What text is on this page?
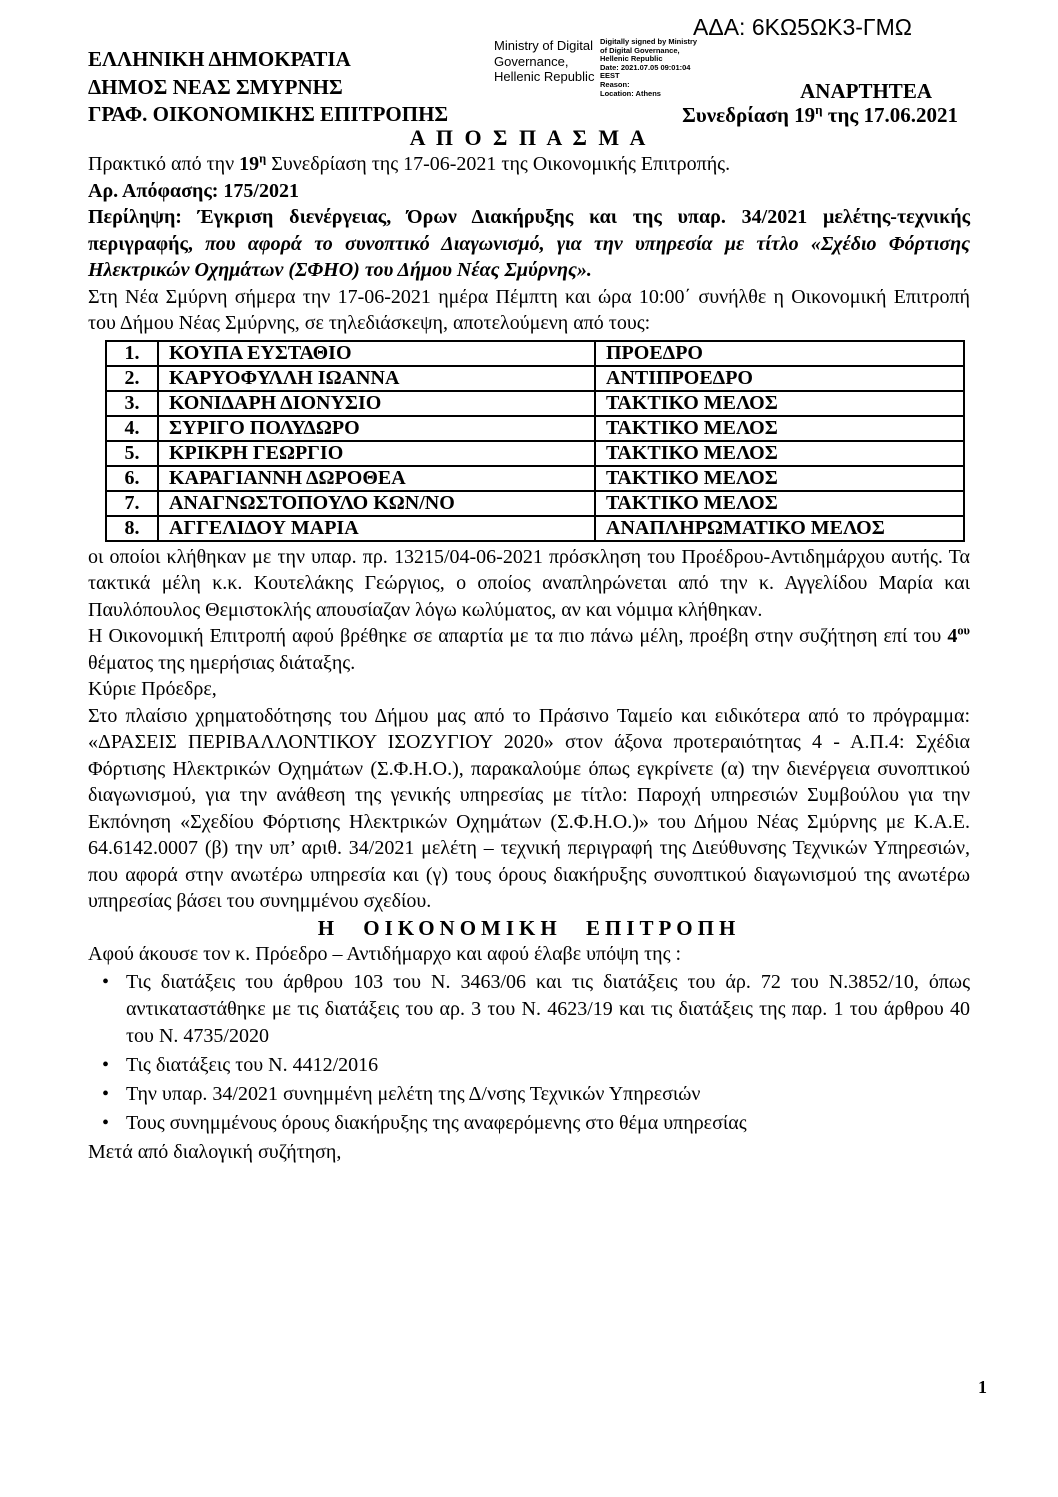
ΕΛΛΗΝΙΚΗ ΔΗΜΟΚΡΑΤΙΑ
ΔΗΜΟΣ ΝΕΑΣ ΣΜΥΡΝΗΣ
ΓΡΑΦ. ΟΙΚΟΝΟΜΙΚΗΣ ΕΠΙΤΡΟΠΗΣ
ΑΔΑ: 6ΚΩ5ΩΚ3-ΓΜΩ
Ministry of Digital
Governance,
Hellenic Republic
Digitally signed by Ministry
of Digital Governance,
Hellenic Republic
Date: 2021.07.05 09:01:04
EEST
Reason:
Location: Athens	ΑΝΑΡΤΗΤΕΑ
Συνεδρίαση $19^\eta$ της 17.06.2021

Α Π Ο Σ Π Α Σ Μ Α

Πρακτικό από την $19^\eta$ Συνεδρίαση της 17-06-2021 της Οικονομικής Επιτροπής.

Αρ. Απόφασης: 175/2021

Περίληψη: Έγκριση διενέργειας, Όρων Διακήρυξης και της υπαρ. 34/2021 μελέτης-τεχνικής περιγραφής, που αφορά το συνοπτικό Διαγωνισμό, για την υπηρεσία με τίτλο «Σχέδιο Φόρτισης Ηλεκτρικών Οχημάτων (ΣΦΗΟ) του Δήμου Νέας Σμύρνης».

Στη Νέα Σμύρνη σήμερα την 17-06-2021 ημέρα Πέμπτη και ώρα 10:00΄ συνήλθε η Οικονομική Επιτροπή του Δήμου Νέας Σμύρνης, σε τηλεδιάσκεψη, αποτελούμενη από τους:

1.	ΚΟΥΠΑ ΕΥΣΤΑΘΙΟ	ΠΡΟΕΔΡΟ
2.	ΚΑΡΥΟΦΥΛΛΗ ΙΩΑΝΝΑ	ΑΝΤΙΠΡΟΕΔΡΟ
3.	ΚΟΝΙΔΑΡΗ ΔΙΟΝΥΣΙΟ	ΤΑΚΤΙΚΟ ΜΕΛΟΣ
4.	ΣΥΡΙΓΟ ΠΟΛΥΔΩΡΟ	ΤΑΚΤΙΚΟ ΜΕΛΟΣ
5.	ΚΡΙΚΡΗ ΓΕΩΡΓΙΟ	ΤΑΚΤΙΚΟ ΜΕΛΟΣ
6.	ΚΑΡΑΓΙΑΝΝΗ ΔΩΡΟΘΕΑ	ΤΑΚΤΙΚΟ ΜΕΛΟΣ
7.	ΑΝΑΓΝΩΣΤΟΠΟΥΛΟ ΚΩΝ/ΝΟ	ΤΑΚΤΙΚΟ ΜΕΛΟΣ
8.	ΑΓΓΕΛΙΔΟΥ ΜΑΡΙΑ	ΑΝΑΠΛΗΡΩΜΑΤΙΚΟ ΜΕΛΟΣ

οι οποίοι κλήθηκαν με την υπαρ. πρ. 13215/04-06-2021 πρόσκληση του Προέδρου-Αντιδημάρχου αυτής. Τα τακτικά μέλη κ.κ. Κουτελάκης Γεώργιος, ο οποίος αναπληρώνεται από την κ. Αγγελίδου Μαρία και Παυλόπουλος Θεμιστοκλής απουσίαζαν λόγω κωλύματος, αν και νόμιμα κλήθηκαν.

Η Οικονομική Επιτροπή αφού βρέθηκε σε απαρτία με τα πιο πάνω μέλη, προέβη στην συζήτηση επί του $4^{o\upsilon}$ θέματος της ημερήσιας διάταξης.

Κύριε Πρόεδρε,

Στο πλαίσιο χρηματοδότησης του Δήμου μας από το Πράσινο Ταμείο και ειδικότερα από το πρόγραμμα: «ΔΡΑΣΕΙΣ ΠΕΡΙΒΑΛΛΟΝΤΙΚΟΥ ΙΣΟΖΥΓΙΟΥ 2020» στον άξονα προτεραιότητας 4 - Α.Π.4: Σχέδια Φόρτισης Ηλεκτρικών Οχημάτων (Σ.Φ.Η.Ο.), παρακαλούμε όπως εγκρίνετε (α) την διενέργεια συνοπτικού διαγωνισμού, για την ανάθεση της γενικής υπηρεσίας με τίτλο: Παροχή υπηρεσιών Συμβούλου για την Εκπόνηση «Σχεδίου Φόρτισης Ηλεκτρικών Οχημάτων (Σ.Φ.Η.Ο.)» του Δήμου Νέας Σμύρνης με Κ.Α.Ε. 64.6142.0007 (β) την υπ’ αριθ. 34/2021 μελέτη – τεχνική περιγραφή της Διεύθυνσης Τεχνικών Υπηρεσιών, που αφορά στην ανωτέρω υπηρεσία και (γ) τους όρους διακήρυξης συνοπτικού διαγωνισμού της ανωτέρω υπηρεσίας βάσει του συνημμένου σχεδίου.

Η ΟΙΚΟΝΟΜΙΚΗ ΕΠΙΤΡΟΠΗ

Αφού άκουσε τον κ. Πρόεδρο – Αντιδήμαρχο και αφού έλαβε υπόψη της :

• Τις διατάξεις του άρθρου 103 του Ν. 3463/06 και τις διατάξεις του άρ. 72 του Ν.3852/10, όπως αντικαταστάθηκε με τις διατάξεις του αρ. 3 του Ν. 4623/19 και τις διατάξεις της παρ. 1 του άρθρου 40 του Ν. 4735/2020
• Τις διατάξεις του Ν. 4412/2016
• Την υπαρ. 34/2021 συνημμένη μελέτη της Δ/νσης Τεχνικών Υπηρεσιών
• Τους συνημμένους όρους διακήρυξης της αναφερόμενης στο θέμα υπηρεσίας

Μετά από διαλογική συζήτηση,

1
